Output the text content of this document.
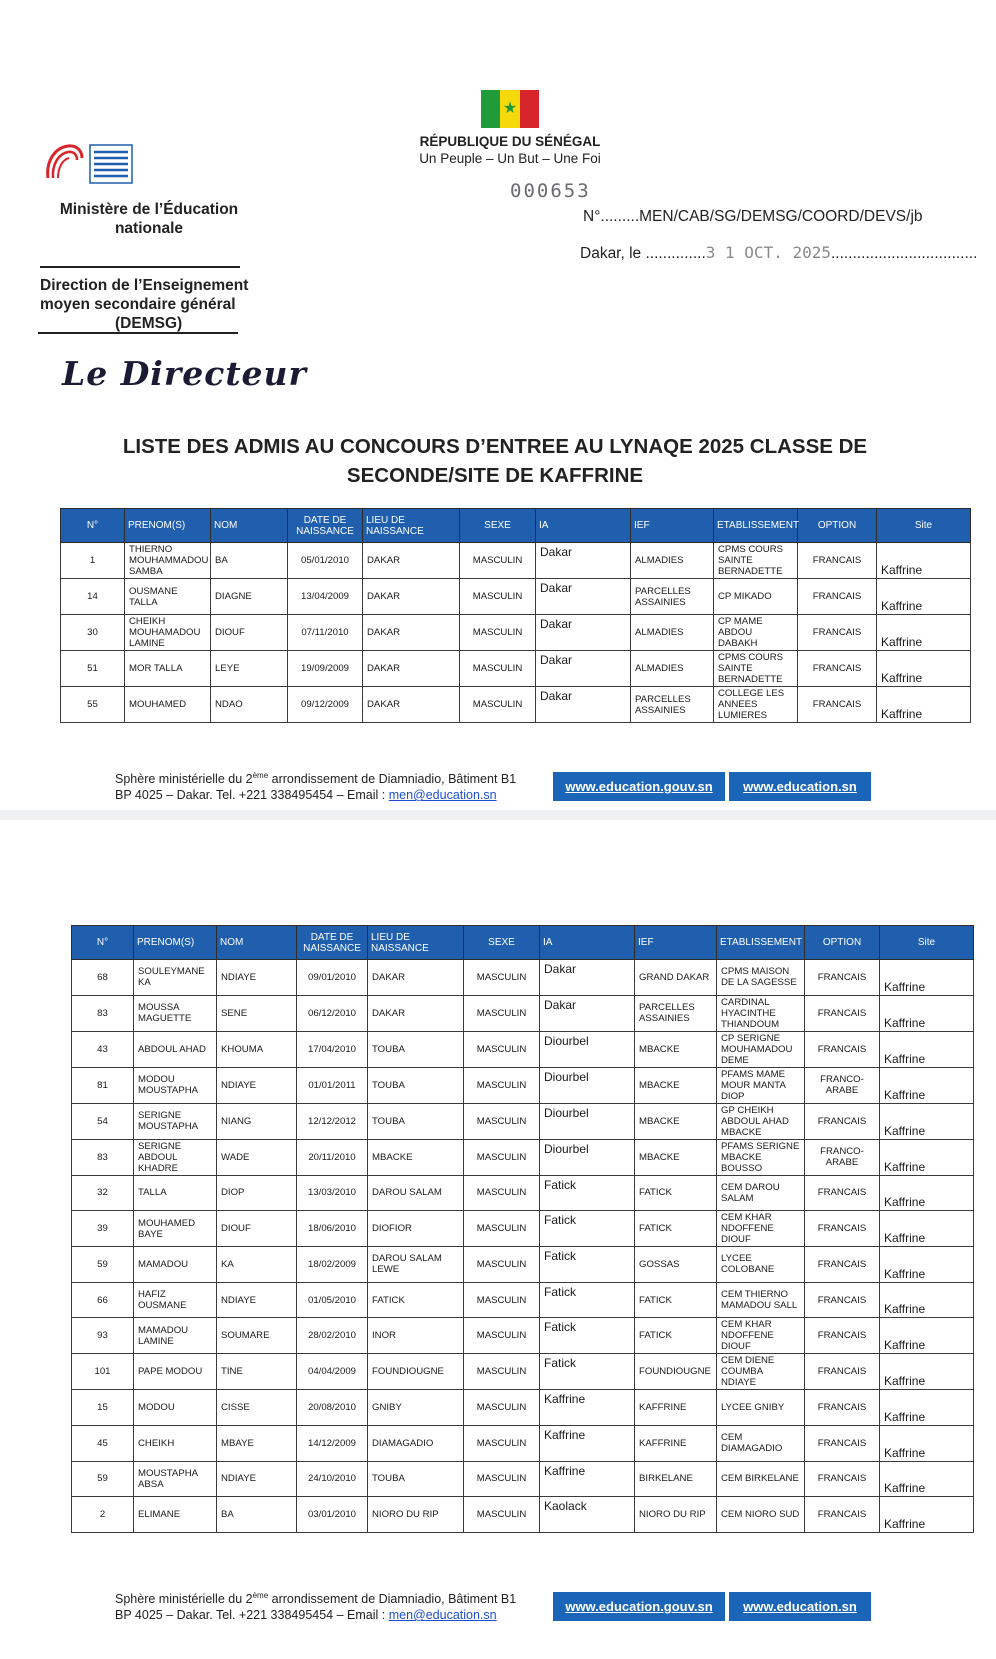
Ministère de l’Éducation nationale
Direction de l’Enseignement moyen secondaire général
(DEMSG)
Le Directeur
★
RÉPUBLIQUE DU SÉNÉGAL
Un Peuple – Un But – Une Foi
000653
N°.........MEN/CAB/SG/DEMSG/COORD/DEVS/jb
Dakar, le ..............3 1 OCT. 2025..................................
LISTE DES ADMIS AU CONCOURS D’ENTREE AU LYNAQE 2025 CLASSE DE SECONDE/SITE DE KAFFRINE
N°	PRENOM(S)	NOM	DATE DE NAISSANCE	LIEU DE NAISSANCE	SEXE	IA	IEF	ETABLISSEMENT	OPTION	Site
1	THIERNO MOUHAMMADOU SAMBA	BA	05/01/2010	DAKAR	MASCULIN	Dakar	ALMADIES	CPMS COURS SAINTE BERNADETTE	FRANCAIS	Kaffrine
14	OUSMANE TALLA	DIAGNE	13/04/2009	DAKAR	MASCULIN	Dakar	PARCELLES ASSAINIES	CP MIKADO	FRANCAIS	Kaffrine
30	CHEIKH MOUHAMADOU LAMINE	DIOUF	07/11/2010	DAKAR	MASCULIN	Dakar	ALMADIES	CP MAME ABDOU DABAKH	FRANCAIS	Kaffrine
51	MOR TALLA	LEYE	19/09/2009	DAKAR	MASCULIN	Dakar	ALMADIES	CPMS COURS SAINTE BERNADETTE	FRANCAIS	Kaffrine
55	MOUHAMED	NDAO	09/12/2009	DAKAR	MASCULIN	Dakar	PARCELLES ASSAINIES	COLLEGE LES ANNEES LUMIERES	FRANCAIS	Kaffrine
Sphère ministérielle du 2ème arrondissement de Diamniadio, Bâtiment B1
BP 4025 – Dakar. Tel. +221 338495454 – Email : men@education.sn
www.education.gouv.sn	www.education.sn
N°	PRENOM(S)	NOM	DATE DE NAISSANCE	LIEU DE NAISSANCE	SEXE	IA	IEF	ETABLISSEMENT	OPTION	Site
68	SOULEYMANE KA	NDIAYE	09/01/2010	DAKAR	MASCULIN	Dakar	GRAND DAKAR	CPMS MAISON DE LA SAGESSE	FRANCAIS	Kaffrine
83	MOUSSA MAGUETTE	SENE	06/12/2010	DAKAR	MASCULIN	Dakar	PARCELLES ASSAINIES	CARDINAL HYACINTHE THIANDOUM	FRANCAIS	Kaffrine
43	ABDOUL AHAD	KHOUMA	17/04/2010	TOUBA	MASCULIN	Diourbel	MBACKE	CP SERIGNE MOUHAMADOU DEME	FRANCAIS	Kaffrine
81	MODOU MOUSTAPHA	NDIAYE	01/01/2011	TOUBA	MASCULIN	Diourbel	MBACKE	PFAMS MAME MOUR MANTA DIOP	FRANCO-ARABE	Kaffrine
54	SERIGNE MOUSTAPHA	NIANG	12/12/2012	TOUBA	MASCULIN	Diourbel	MBACKE	GP CHEIKH ABDOUL AHAD MBACKE	FRANCAIS	Kaffrine
83	SERIGNE ABDOUL KHADRE	WADE	20/11/2010	MBACKE	MASCULIN	Diourbel	MBACKE	PFAMS SERIGNE MBACKE BOUSSO	FRANCO-ARABE	Kaffrine
32	TALLA	DIOP	13/03/2010	DAROU SALAM	MASCULIN	Fatick	FATICK	CEM DAROU SALAM	FRANCAIS	Kaffrine
39	MOUHAMED BAYE	DIOUF	18/06/2010	DIOFIOR	MASCULIN	Fatick	FATICK	CEM KHAR NDOFFENE DIOUF	FRANCAIS	Kaffrine
59	MAMADOU	KA	18/02/2009	DAROU SALAM LEWE	MASCULIN	Fatick	GOSSAS	LYCEE COLOBANE	FRANCAIS	Kaffrine
66	HAFIZ OUSMANE	NDIAYE	01/05/2010	FATICK	MASCULIN	Fatick	FATICK	CEM THIERNO MAMADOU SALL	FRANCAIS	Kaffrine
93	MAMADOU LAMINE	SOUMARE	28/02/2010	INOR	MASCULIN	Fatick	FATICK	CEM KHAR NDOFFENE DIOUF	FRANCAIS	Kaffrine
101	PAPE MODOU	TINE	04/04/2009	FOUNDIOUGNE	MASCULIN	Fatick	FOUNDIOUGNE	CEM DIENE COUMBA NDIAYE	FRANCAIS	Kaffrine
15	MODOU	CISSE	20/08/2010	GNIBY	MASCULIN	Kaffrine	KAFFRINE	LYCEE GNIBY	FRANCAIS	Kaffrine
45	CHEIKH	MBAYE	14/12/2009	DIAMAGADIO	MASCULIN	Kaffrine	KAFFRINE	CEM DIAMAGADIO	FRANCAIS	Kaffrine
59	MOUSTAPHA ABSA	NDIAYE	24/10/2010	TOUBA	MASCULIN	Kaffrine	BIRKELANE	CEM BIRKELANE	FRANCAIS	Kaffrine
2	ELIMANE	BA	03/01/2010	NIORO DU RIP	MASCULIN	Kaolack	NIORO DU RIP	CEM NIORO SUD	FRANCAIS	Kaffrine
Sphère ministérielle du 2ème arrondissement de Diamniadio, Bâtiment B1
BP 4025 – Dakar. Tel. +221 338495454 – Email : men@education.sn
www.education.gouv.sn	www.education.sn
